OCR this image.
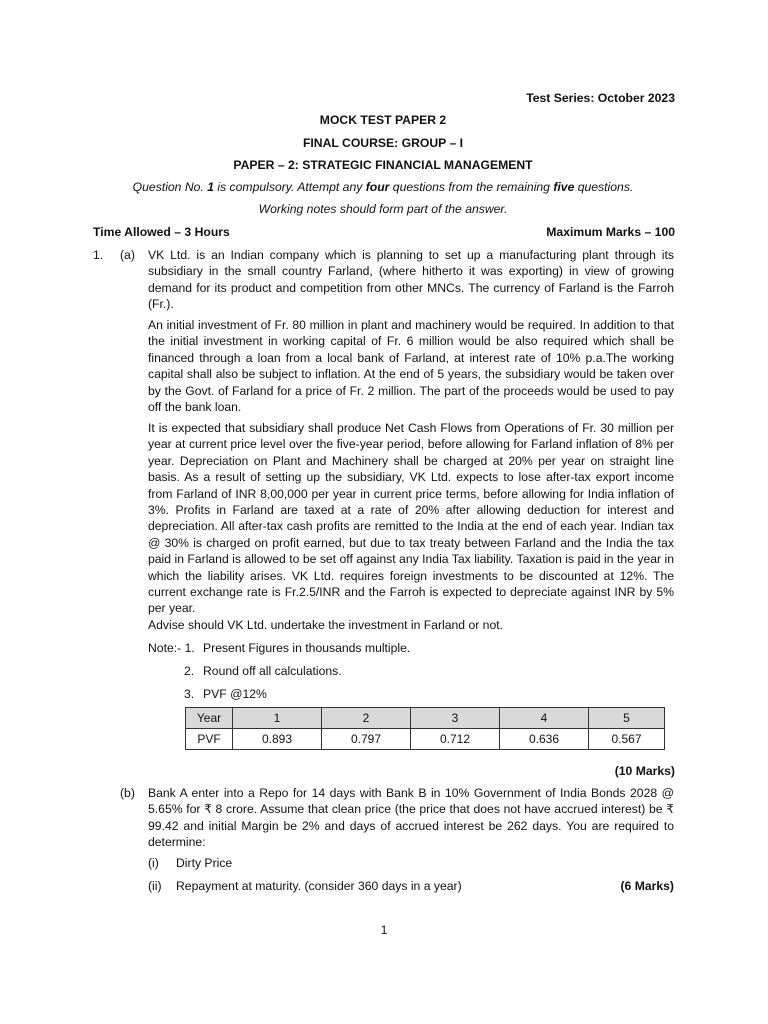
Test Series: October 2023
MOCK TEST PAPER 2
FINAL COURSE: GROUP – I
PAPER – 2: STRATEGIC FINANCIAL MANAGEMENT
Question No. 1 is compulsory. Attempt any four questions from the remaining five questions.
Working notes should form part of the answer.
Time Allowed – 3 Hours	Maximum Marks – 100
1. (a) VK Ltd. is an Indian company which is planning to set up a manufacturing plant through its subsidiary in the small country Farland, (where hitherto it was exporting) in view of growing demand for its product and competition from other MNCs. The currency of Farland is the Farroh (Fr.).
An initial investment of Fr. 80 million in plant and machinery would be required. In addition to that the initial investment in working capital of Fr. 6 million would be also required which shall be financed through a loan from a local bank of Farland, at interest rate of 10% p.a.The working capital shall also be subject to inflation. At the end of 5 years, the subsidiary would be taken over by the Govt. of Farland for a price of Fr. 2 million. The part of the proceeds would be used to pay off the bank loan.
It is expected that subsidiary shall produce Net Cash Flows from Operations of Fr. 30 million per year at current price level over the five-year period, before allowing for Farland inflation of 8% per year. Depreciation on Plant and Machinery shall be charged at 20% per year on straight line basis. As a result of setting up the subsidiary, VK Ltd. expects to lose after-tax export income from Farland of INR 8,00,000 per year in current price terms, before allowing for India inflation of 3%. Profits in Farland are taxed at a rate of 20% after allowing deduction for interest and depreciation. All after-tax cash profits are remitted to the India at the end of each year. Indian tax @ 30% is charged on profit earned, but due to tax treaty between Farland and the India the tax paid in Farland is allowed to be set off against any India Tax liability. Taxation is paid in the year in which the liability arises. VK Ltd. requires foreign investments to be discounted at 12%. The current exchange rate is Fr.2.5/INR and the Farroh is expected to depreciate against INR by 5% per year.
Advise should VK Ltd. undertake the investment in Farland or not.
Note:- 1. Present Figures in thousands multiple.
2. Round off all calculations.
3. PVF @12%
Year	1	2	3	4	5
PVF	0.893	0.797	0.712	0.636	0.567
(10 Marks)
(b) Bank A enter into a Repo for 14 days with Bank B in 10% Government of India Bonds 2028 @ 5.65% for ₹ 8 crore. Assume that clean price (the price that does not have accrued interest) be ₹ 99.42 and initial Margin be 2% and days of accrued interest be 262 days. You are required to determine:
(i) Dirty Price
(ii) Repayment at maturity. (consider 360 days in a year)	(6 Marks)
1
